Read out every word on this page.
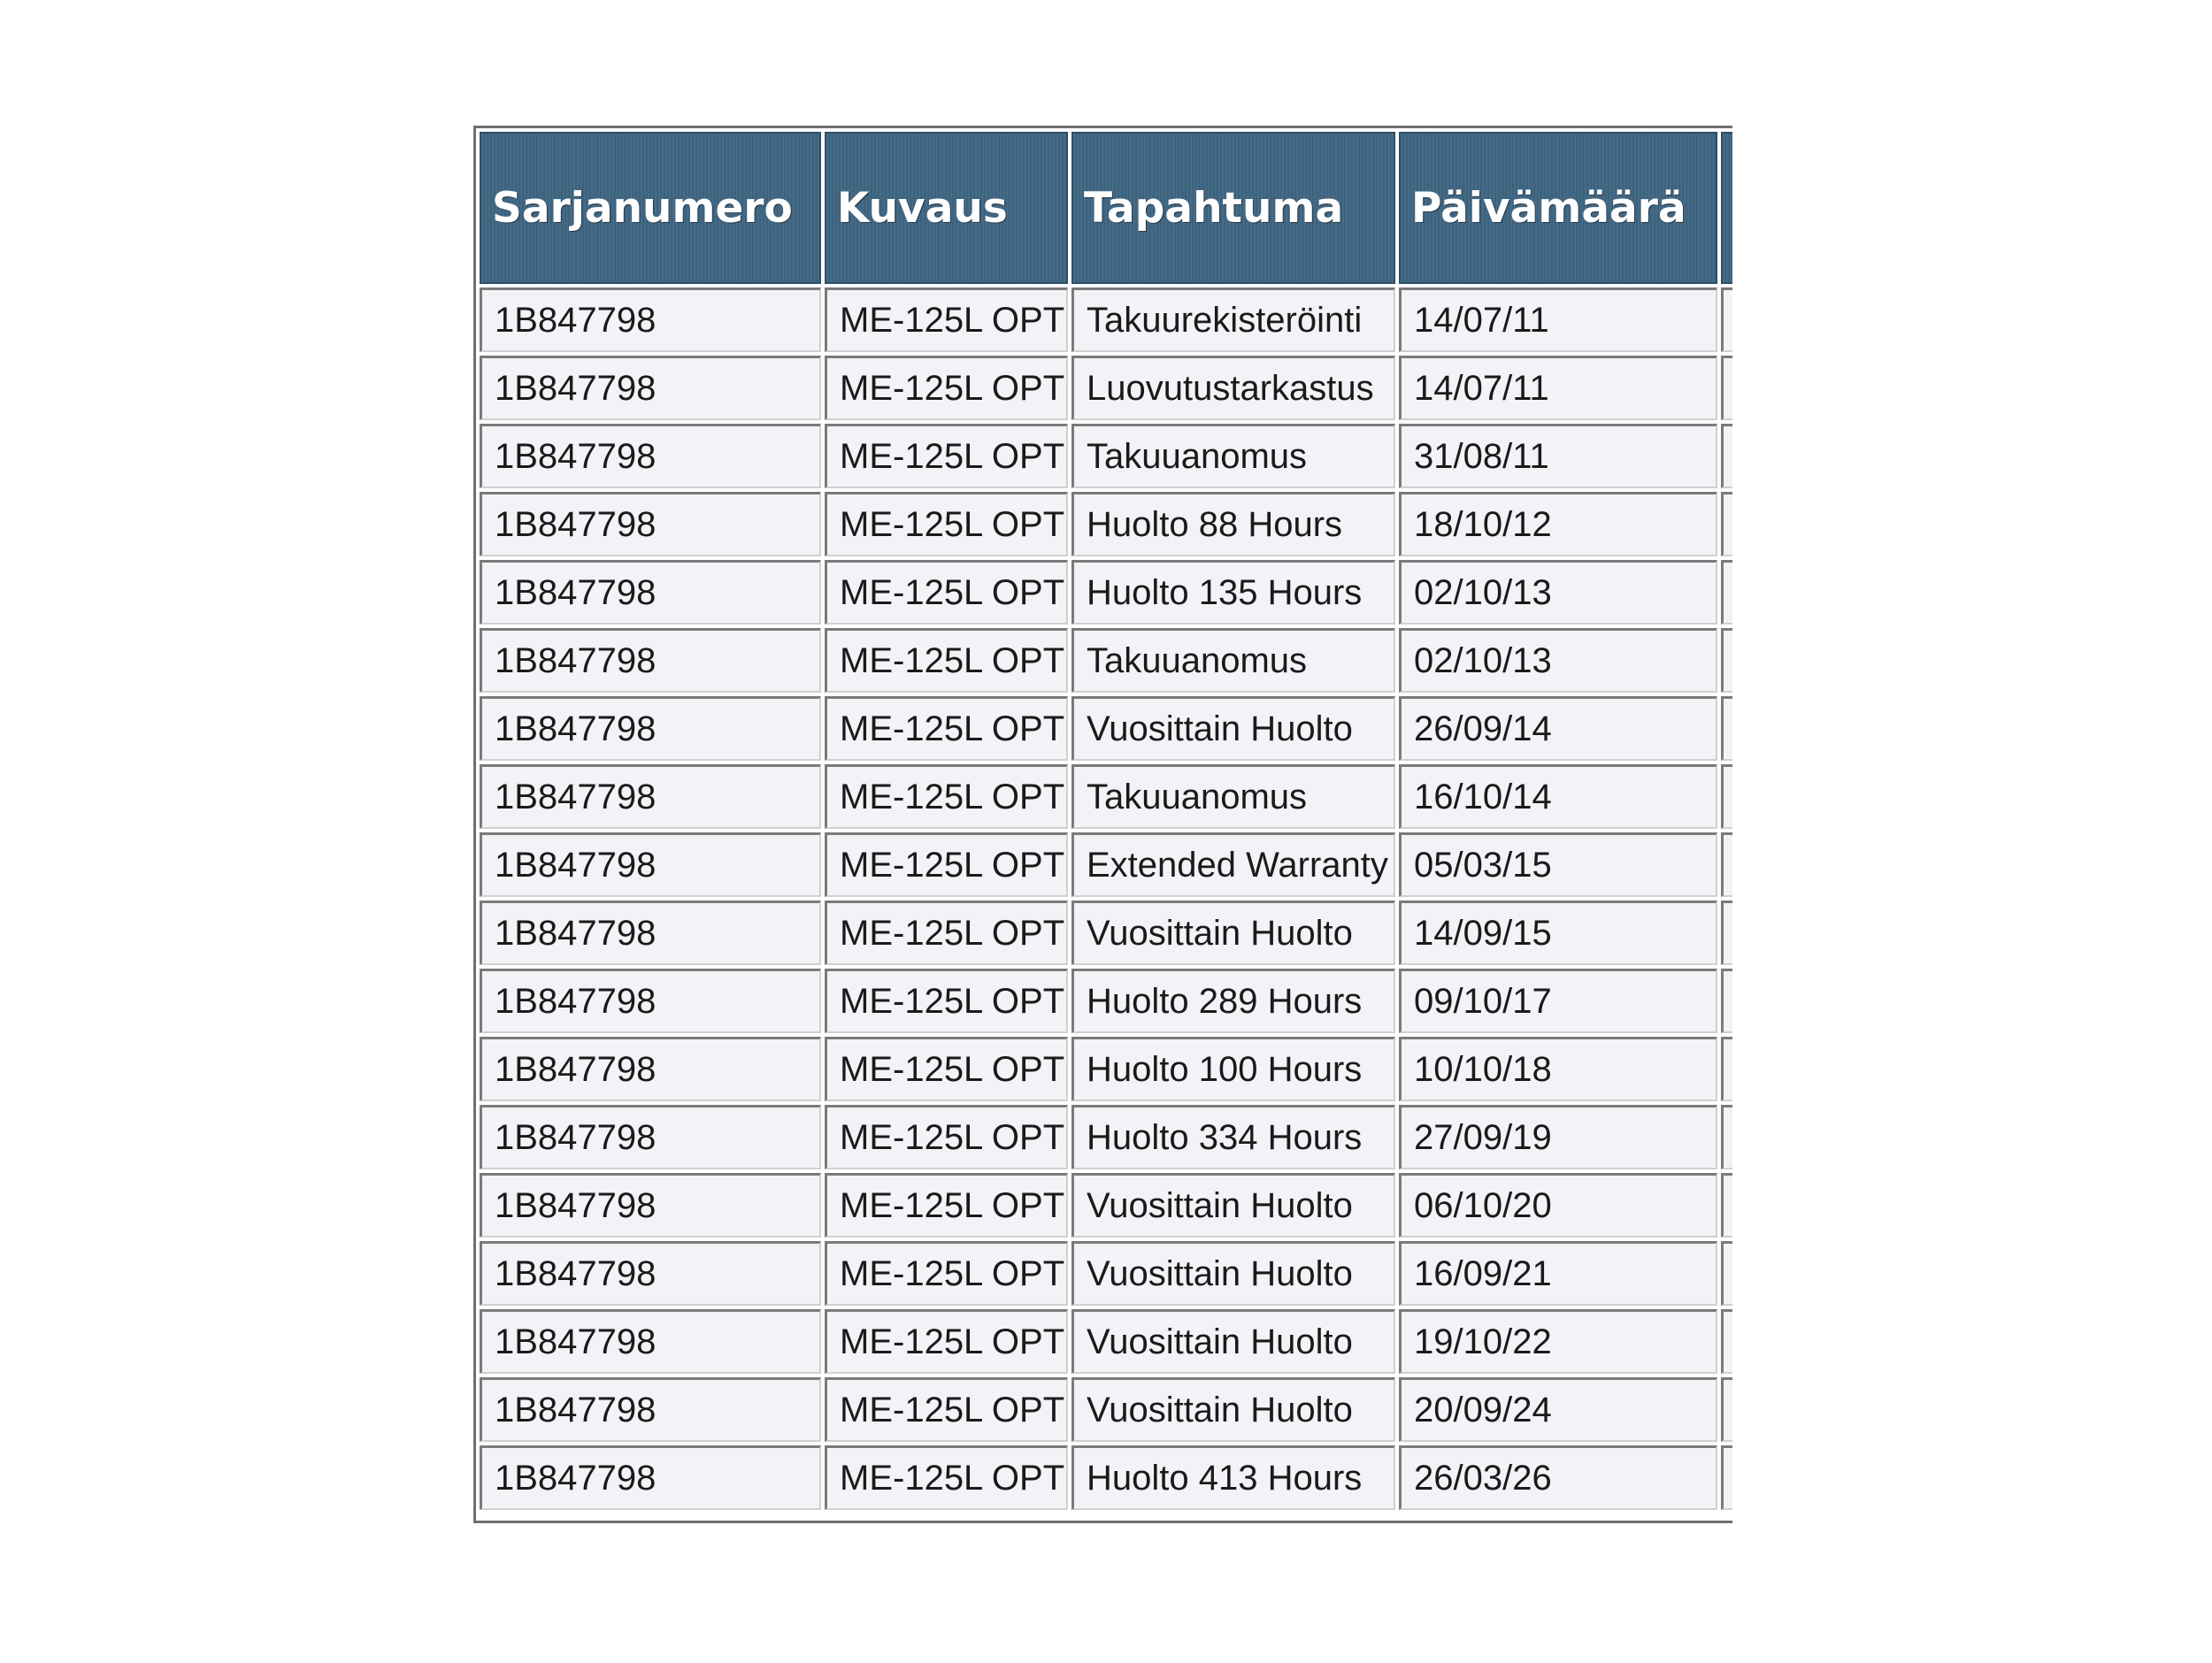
Sarjanumero	Kuvaus	Tapahtuma	Päivämäärä	
1B847798	ME-125L OPT	Takuurekisteröinti	14/07/11	
1B847798	ME-125L OPT	Luovutustarkastus	14/07/11	
1B847798	ME-125L OPT	Takuuanomus	31/08/11	
1B847798	ME-125L OPT	Huolto 88 Hours	18/10/12	
1B847798	ME-125L OPT	Huolto 135 Hours	02/10/13	
1B847798	ME-125L OPT	Takuuanomus	02/10/13	
1B847798	ME-125L OPT	Vuosittain Huolto	26/09/14	
1B847798	ME-125L OPT	Takuuanomus	16/10/14	
1B847798	ME-125L OPT	Extended Warranty	05/03/15	
1B847798	ME-125L OPT	Vuosittain Huolto	14/09/15	
1B847798	ME-125L OPT	Huolto 289 Hours	09/10/17	
1B847798	ME-125L OPT	Huolto 100 Hours	10/10/18	
1B847798	ME-125L OPT	Huolto 334 Hours	27/09/19	
1B847798	ME-125L OPT	Vuosittain Huolto	06/10/20	
1B847798	ME-125L OPT	Vuosittain Huolto	16/09/21	
1B847798	ME-125L OPT	Vuosittain Huolto	19/10/22	
1B847798	ME-125L OPT	Vuosittain Huolto	20/09/24	
1B847798	ME-125L OPT	Huolto 413 Hours	26/03/26	
